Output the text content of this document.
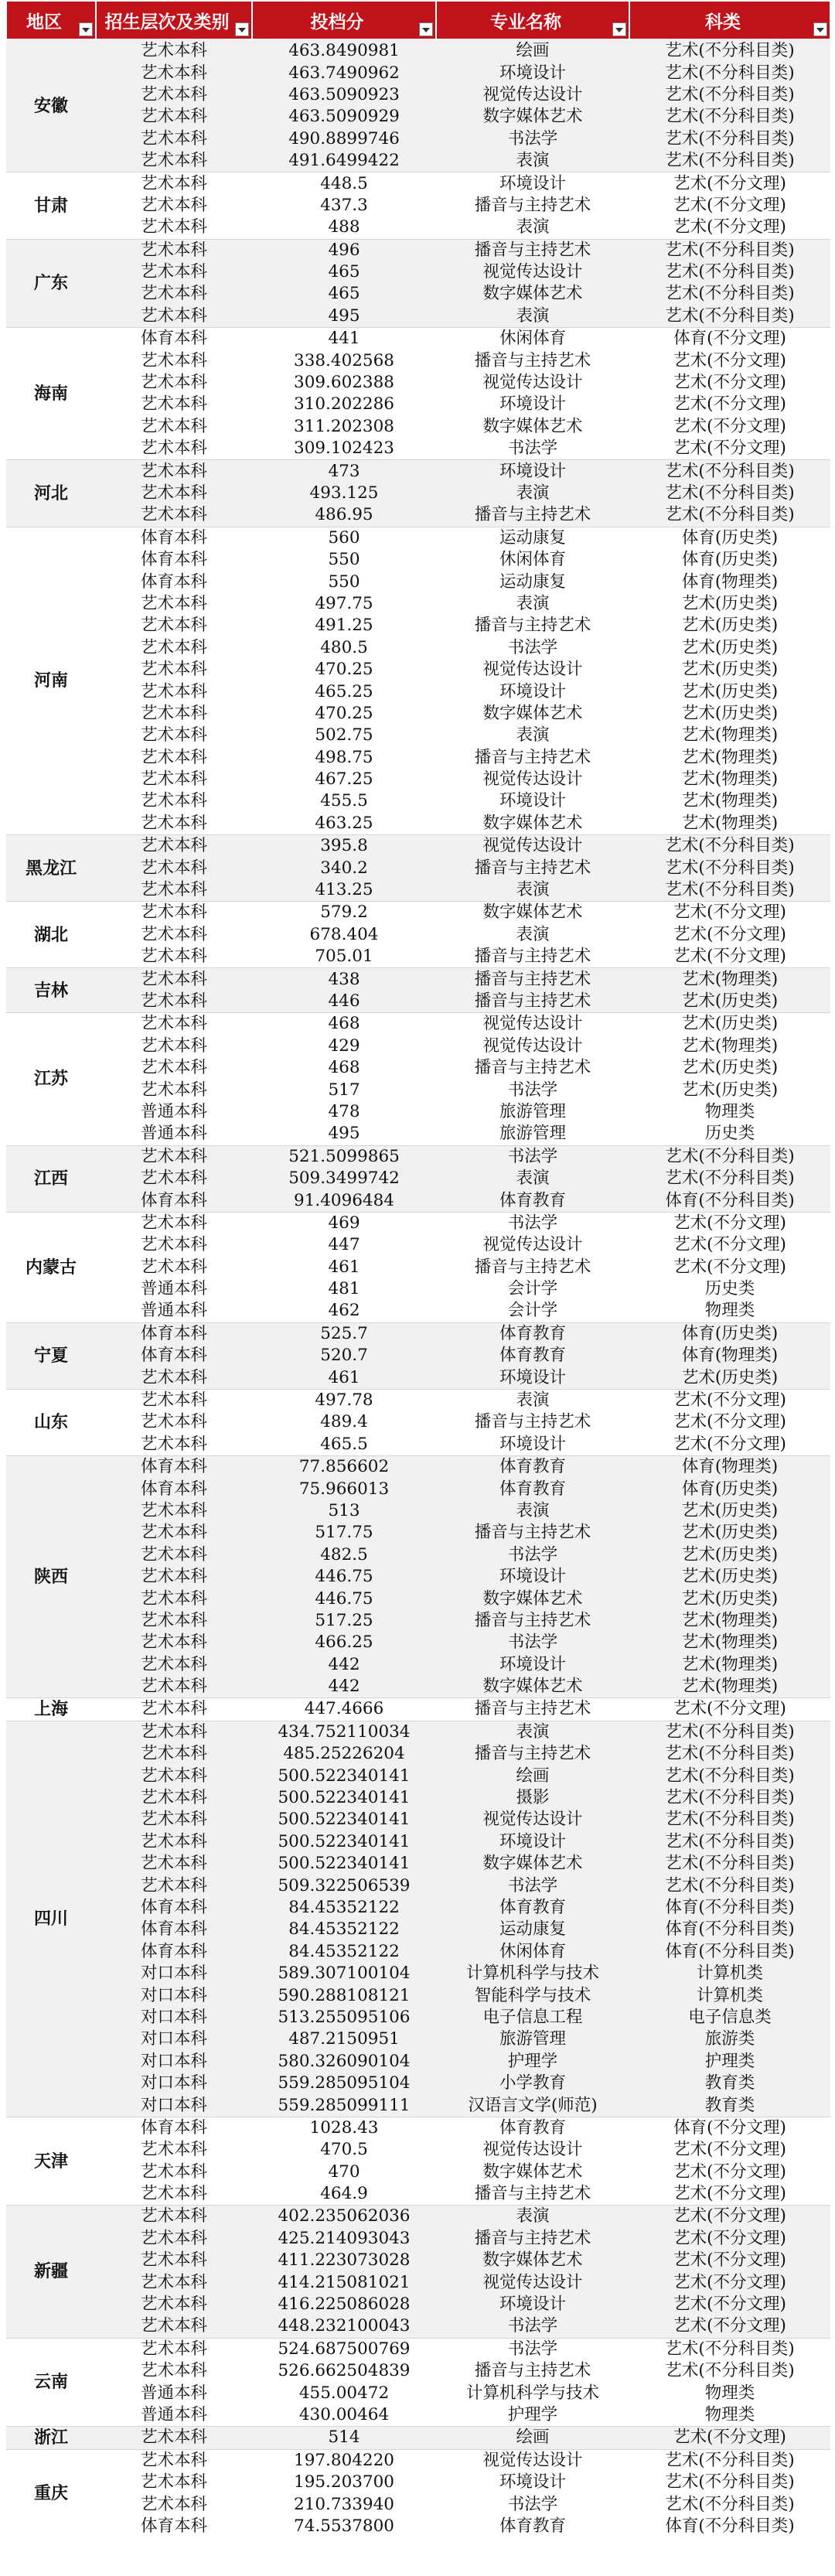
地区	招生层次及类别	投档分	专业名称	科类

安徽	艺术本科	463.8490981	绘画	艺术(不分科目类)
	艺术本科	463.7490962	环境设计	艺术(不分科目类)
	艺术本科	463.5090923	视觉传达设计	艺术(不分科目类)
	艺术本科	463.5090929	数字媒体艺术	艺术(不分科目类)
	艺术本科	490.8899746	书法学	艺术(不分科目类)
	艺术本科	491.6499422	表演	艺术(不分科目类)
甘肃	艺术本科	448.5	环境设计	艺术(不分文理)
	艺术本科	437.3	播音与主持艺术	艺术(不分文理)
	艺术本科	488	表演	艺术(不分文理)
广东	艺术本科	496	播音与主持艺术	艺术(不分科目类)
	艺术本科	465	视觉传达设计	艺术(不分科目类)
	艺术本科	465	数字媒体艺术	艺术(不分科目类)
	艺术本科	495	表演	艺术(不分科目类)
海南	体育本科	441	休闲体育	体育(不分文理)
	艺术本科	338.402568	播音与主持艺术	艺术(不分文理)
	艺术本科	309.602388	视觉传达设计	艺术(不分文理)
	艺术本科	310.202286	环境设计	艺术(不分文理)
	艺术本科	311.202308	数字媒体艺术	艺术(不分文理)
	艺术本科	309.102423	书法学	艺术(不分文理)
河北	艺术本科	473	环境设计	艺术(不分科目类)
	艺术本科	493.125	表演	艺术(不分科目类)
	艺术本科	486.95	播音与主持艺术	艺术(不分科目类)
河南	体育本科	560	运动康复	体育(历史类)
	体育本科	550	休闲体育	体育(历史类)
	体育本科	550	运动康复	体育(物理类)
	艺术本科	497.75	表演	艺术(历史类)
	艺术本科	491.25	播音与主持艺术	艺术(历史类)
	艺术本科	480.5	书法学	艺术(历史类)
	艺术本科	470.25	视觉传达设计	艺术(历史类)
	艺术本科	465.25	环境设计	艺术(历史类)
	艺术本科	470.25	数字媒体艺术	艺术(历史类)
	艺术本科	502.75	表演	艺术(物理类)
	艺术本科	498.75	播音与主持艺术	艺术(物理类)
	艺术本科	467.25	视觉传达设计	艺术(物理类)
	艺术本科	455.5	环境设计	艺术(物理类)
	艺术本科	463.25	数字媒体艺术	艺术(物理类)
黑龙江	艺术本科	395.8	视觉传达设计	艺术(不分科目类)
	艺术本科	340.2	播音与主持艺术	艺术(不分科目类)
	艺术本科	413.25	表演	艺术(不分科目类)
湖北	艺术本科	579.2	数字媒体艺术	艺术(不分文理)
	艺术本科	678.404	表演	艺术(不分文理)
	艺术本科	705.01	播音与主持艺术	艺术(不分文理)
吉林	艺术本科	438	播音与主持艺术	艺术(物理类)
	艺术本科	446	播音与主持艺术	艺术(历史类)
江苏	艺术本科	468	视觉传达设计	艺术(历史类)
	艺术本科	429	视觉传达设计	艺术(物理类)
	艺术本科	468	播音与主持艺术	艺术(历史类)
	艺术本科	517	书法学	艺术(历史类)
	普通本科	478	旅游管理	物理类
	普通本科	495	旅游管理	历史类
江西	艺术本科	521.5099865	书法学	艺术(不分科目类)
	艺术本科	509.3499742	表演	艺术(不分科目类)
	体育本科	91.4096484	体育教育	体育(不分科目类)
内蒙古	艺术本科	469	书法学	艺术(不分文理)
	艺术本科	447	视觉传达设计	艺术(不分文理)
	艺术本科	461	播音与主持艺术	艺术(不分文理)
	普通本科	481	会计学	历史类
	普通本科	462	会计学	物理类
宁夏	体育本科	525.7	体育教育	体育(历史类)
	体育本科	520.7	体育教育	体育(物理类)
	艺术本科	461	环境设计	艺术(历史类)
山东	艺术本科	497.78	表演	艺术(不分文理)
	艺术本科	489.4	播音与主持艺术	艺术(不分文理)
	艺术本科	465.5	环境设计	艺术(不分文理)
陕西	体育本科	77.856602	体育教育	体育(物理类)
	体育本科	75.966013	体育教育	体育(历史类)
	艺术本科	513	表演	艺术(历史类)
	艺术本科	517.75	播音与主持艺术	艺术(历史类)
	艺术本科	482.5	书法学	艺术(历史类)
	艺术本科	446.75	环境设计	艺术(历史类)
	艺术本科	446.75	数字媒体艺术	艺术(历史类)
	艺术本科	517.25	播音与主持艺术	艺术(物理类)
	艺术本科	466.25	书法学	艺术(物理类)
	艺术本科	442	环境设计	艺术(物理类)
	艺术本科	442	数字媒体艺术	艺术(物理类)
上海	艺术本科	447.4666	播音与主持艺术	艺术(不分文理)
四川	艺术本科	434.752110034	表演	艺术(不分科目类)
	艺术本科	485.25226204	播音与主持艺术	艺术(不分科目类)
	艺术本科	500.522340141	绘画	艺术(不分科目类)
	艺术本科	500.522340141	摄影	艺术(不分科目类)
	艺术本科	500.522340141	视觉传达设计	艺术(不分科目类)
	艺术本科	500.522340141	环境设计	艺术(不分科目类)
	艺术本科	500.522340141	数字媒体艺术	艺术(不分科目类)
	艺术本科	509.322506539	书法学	艺术(不分科目类)
	体育本科	84.45352122	体育教育	体育(不分科目类)
	体育本科	84.45352122	运动康复	体育(不分科目类)
	体育本科	84.45352122	休闲体育	体育(不分科目类)
	对口本科	589.307100104	计算机科学与技术	计算机类
	对口本科	590.288108121	智能科学与技术	计算机类
	对口本科	513.255095106	电子信息工程	电子信息类
	对口本科	487.2150951	旅游管理	旅游类
	对口本科	580.326090104	护理学	护理类
	对口本科	559.285095104	小学教育	教育类
	对口本科	559.285099111	汉语言文学(师范)	教育类
天津	体育本科	1028.43	体育教育	体育(不分文理)
	艺术本科	470.5	视觉传达设计	艺术(不分文理)
	艺术本科	470	数字媒体艺术	艺术(不分文理)
	艺术本科	464.9	播音与主持艺术	艺术(不分文理)
新疆	艺术本科	402.235062036	表演	艺术(不分文理)
	艺术本科	425.214093043	播音与主持艺术	艺术(不分文理)
	艺术本科	411.223073028	数字媒体艺术	艺术(不分文理)
	艺术本科	414.215081021	视觉传达设计	艺术(不分文理)
	艺术本科	416.225086028	环境设计	艺术(不分文理)
	艺术本科	448.232100043	书法学	艺术(不分文理)
云南	艺术本科	524.687500769	书法学	艺术(不分科目类)
	艺术本科	526.662504839	播音与主持艺术	艺术(不分科目类)
	普通本科	455.00472	计算机科学与技术	物理类
	普通本科	430.00464	护理学	物理类
浙江	艺术本科	514	绘画	艺术(不分文理)
重庆	艺术本科	197.804220	视觉传达设计	艺术(不分科目类)
	艺术本科	195.203700	环境设计	艺术(不分科目类)
	艺术本科	210.733940	书法学	艺术(不分科目类)
	体育本科	74.5537800	体育教育	体育(不分科目类)
